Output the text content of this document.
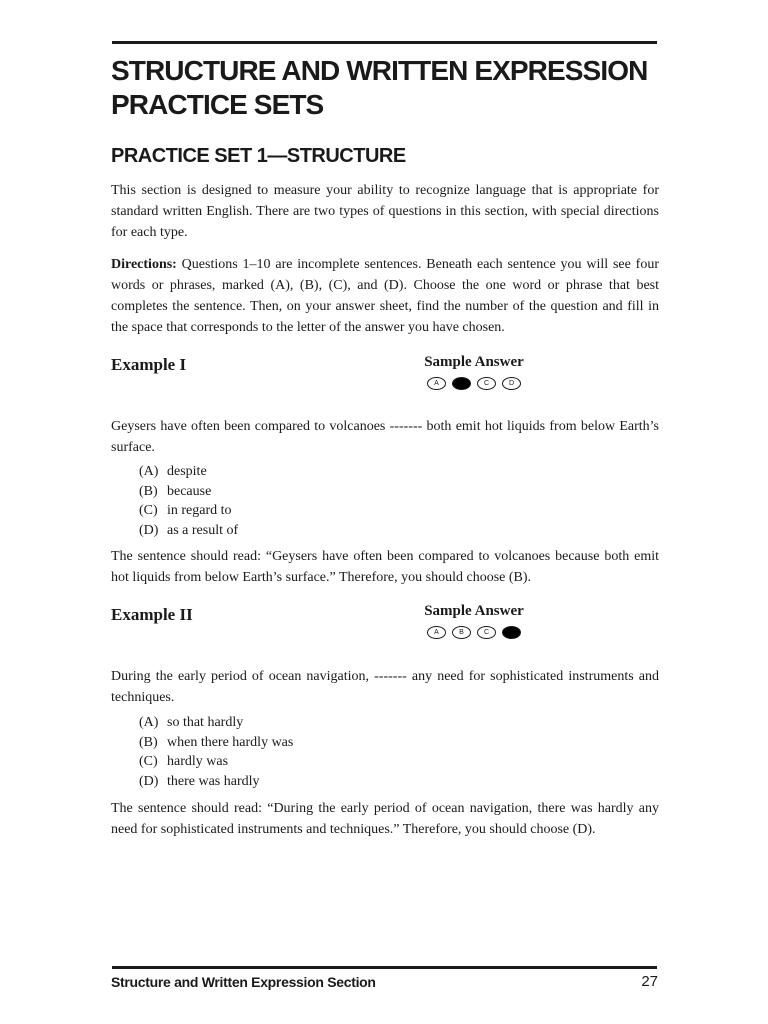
STRUCTURE AND WRITTEN EXPRESSION
PRACTICE SETS
PRACTICE SET 1—STRUCTURE

This section is designed to measure your ability to recognize language that is appropriate for standard written English. There are two types of questions in this section, with special directions for each type.

Directions: Questions 1–10 are incomplete sentences. Beneath each sentence you will see four words or phrases, marked (A), (B), (C), and (D). Choose the one word or phrase that best completes the sentence. Then, on your answer sheet, find the number of the question and fill in the space that corresponds to the letter of the answer you have chosen.

Example I	Sample Answer
A	B	C	D

Geysers have often been compared to volcanoes ------- both emit hot liquids from below Earth’s surface.

(A) despite
(B) because
(C) in regard to
(D) as a result of

The sentence should read: “Geysers have often been compared to volcanoes because both emit hot liquids from below Earth’s surface.” Therefore, you should choose (B).

Example II	Sample Answer
A	B	C	D

During the early period of ocean navigation, ------- any need for sophisticated instruments and techniques.

(A) so that hardly
(B) when there hardly was
(C) hardly was
(D) there was hardly

The sentence should read: “During the early period of ocean navigation, there was hardly any need for sophisticated instruments and techniques.” Therefore, you should choose (D).

Structure and Written Expression Section	27
